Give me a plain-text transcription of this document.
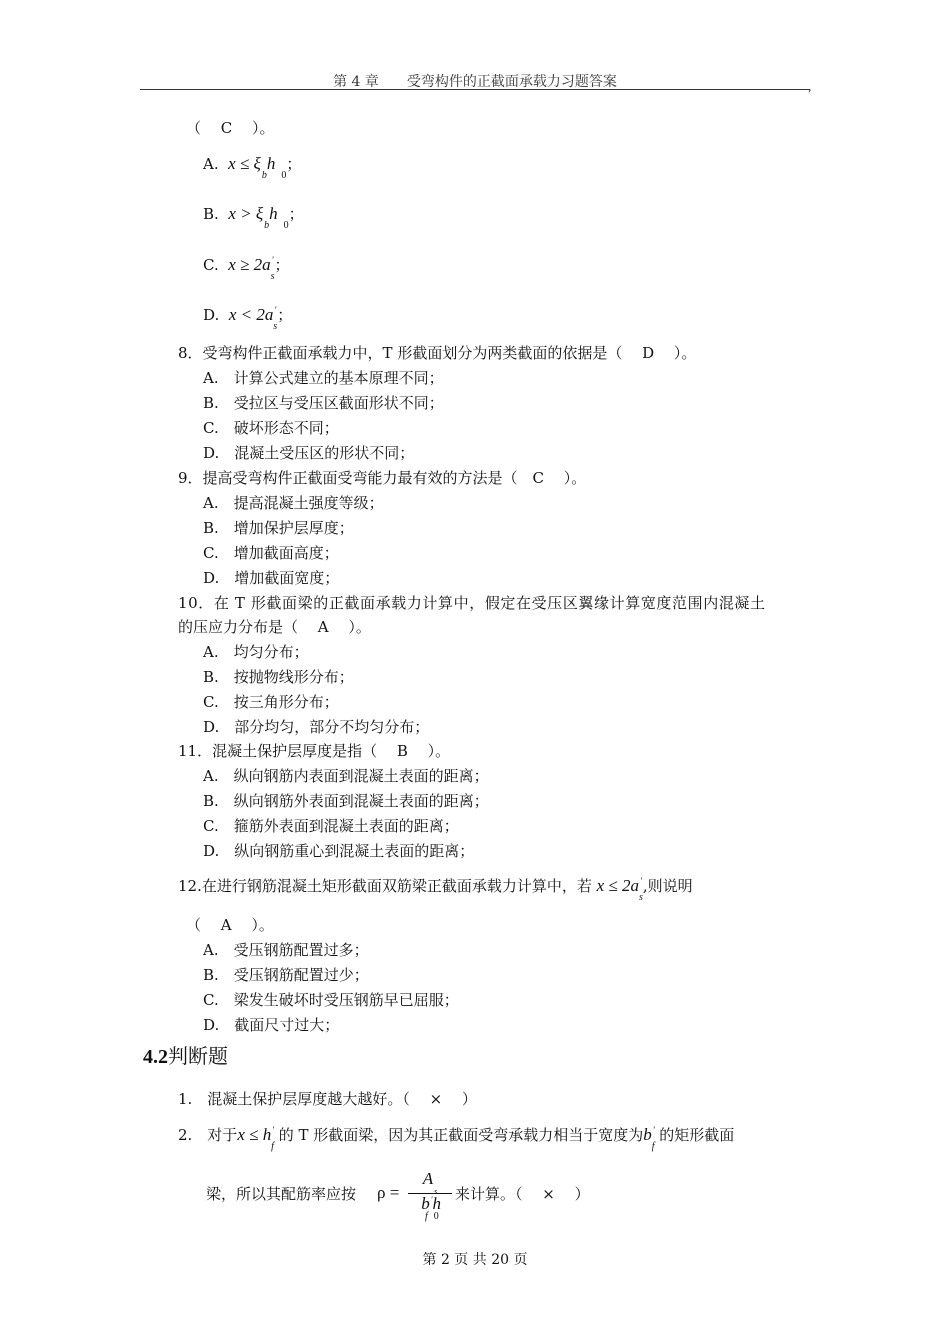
第 4 章　　受弯构件的正截面承载力习题答案	,
（　 C　 ）。
A. $x \le \xi_bh_0$；
B. $x > \xi_bh_0$；
C. $x \ge 2a'_s$；
D. $x < 2a'_s$；
8．受弯构件正截面承载力中，T 形截面划分为两类截面的依据是（　 D　 ）。
A.　计算公式建立的基本原理不同；
B.　受拉区与受压区截面形状不同；
C.　破坏形态不同；
D.　混凝土受压区的形状不同；
9．提高受弯构件正截面受弯能力最有效的方法是（　C　 ）。
A.　提高混凝土强度等级；
B.　增加保护层厚度；
C.　增加截面高度；
D.　增加截面宽度；
10．在 T 形截面梁的正截面承载力计算中，假定在受压区翼缘计算宽度范围内混凝土
的压应力分布是（　 A　 ）。
A.　均匀分布；
B.　按抛物线形分布；
C.　按三角形分布；
D.　部分均匀，部分不均匀分布；
11．混凝土保护层厚度是指（　 B　 ）。
A.　纵向钢筋内表面到混凝土表面的距离；
B.　纵向钢筋外表面到混凝土表面的距离；
C.　箍筋外表面到混凝土表面的距离；
D.　纵向钢筋重心到混凝土表面的距离；
12.在进行钢筋混凝土矩形截面双筋梁正截面承载力计算中，若 $x \le 2a'_s$,则说明
（　 A　 ）。
A.　受压钢筋配置过多；
B.　受压钢筋配置过少；
C.　梁发生破坏时受压钢筋早已屈服；
D.　截面尺寸过大；
4.2判断题
1.　混凝土保护层厚度越大越好。（　 ×　 ）
2.　对于$x \le h'_f$ 的 T 形截面梁，因为其正截面受弯承载力相当于宽度为$b'_f$ 的矩形截面
梁，所以其配筋率应按 ρ =
$A_s$
$b'h_f$ $_0$
来计算。（　 ×　 ）
第 2 页 共 20 页
